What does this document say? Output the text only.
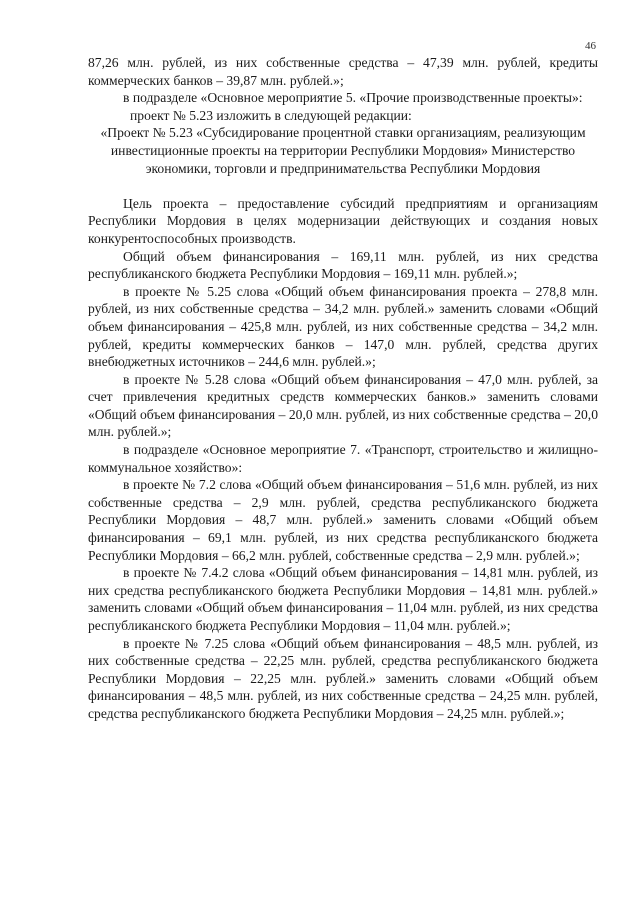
46

87,26 млн. рублей, из них собственные средства – 47,39 млн. рублей, кредиты коммерческих банков – 39,87 млн. рублей.»;

в подразделе «Основное мероприятие 5. «Прочие производственные проекты»:

проект № 5.23 изложить в следующей редакции:

«Проект № 5.23 «Субсидирование процентной ставки организациям, реализующим инвестиционные проекты на территории Республики Мордовия» Министерство экономики, торговли и предпринимательства Республики Мордовия

Цель проекта – предоставление субсидий предприятиям и организациям Республики Мордовия в целях модернизации действующих и создания новых конкурентоспособных производств.

Общий объем финансирования – 169,11 млн. рублей, из них средства республиканского бюджета Республики Мордовия – 169,11 млн. рублей.»;

в проекте № 5.25 слова «Общий объем финансирования проекта – 278,8 млн. рублей, из них собственные средства – 34,2 млн. рублей.» заменить словами «Общий объем финансирования – 425,8 млн. рублей, из них собственные средства – 34,2 млн. рублей, кредиты коммерческих банков – 147,0 млн. рублей, средства других внебюджетных источников – 244,6 млн. рублей.»;

в проекте № 5.28 слова «Общий объем финансирования – 47,0 млн. рублей, за счет привлечения кредитных средств коммерческих банков.» заменить словами «Общий объем финансирования – 20,0 млн. рублей, из них собственные средства – 20,0 млн. рублей.»;

в подразделе «Основное мероприятие 7. «Транспорт, строительство и жилищно-коммунальное хозяйство»:

в проекте № 7.2 слова «Общий объем финансирования – 51,6 млн. рублей, из них собственные средства – 2,9 млн. рублей, средства республиканского бюджета Республики Мордовия – 48,7 млн. рублей.» заменить словами «Общий объем финансирования – 69,1 млн. рублей, из них средства республиканского бюджета Республики Мордовия – 66,2 млн. рублей, собственные средства – 2,9 млн. рублей.»;

в проекте № 7.4.2 слова «Общий объем финансирования – 14,81 млн. рублей, из них средства республиканского бюджета Республики Мордовия – 14,81 млн. рублей.» заменить словами «Общий объем финансирования – 11,04 млн. рублей, из них средства республиканского бюджета Республики Мордовия – 11,04 млн. рублей.»;

в проекте № 7.25 слова «Общий объем финансирования – 48,5 млн. рублей, из них собственные средства – 22,25 млн. рублей, средства республиканского бюджета Республики Мордовия – 22,25 млн. рублей.» заменить словами «Общий объем финансирования – 48,5 млн. рублей, из них собственные средства – 24,25 млн. рублей, средства республиканского бюджета Республики Мордовия – 24,25 млн. рублей.»;
